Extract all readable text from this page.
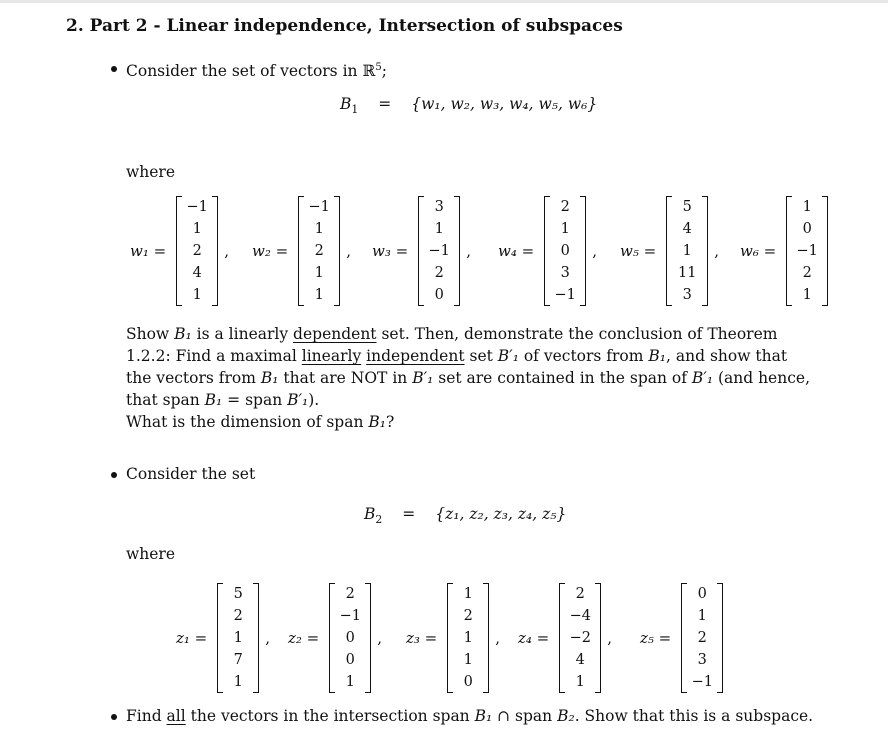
2. Part 2 - Linear independence, Intersection of subspaces
Consider the set of vectors in ℝ$^5$;
$B_1 = \{w_1$, w₂, w₃, w₄, w₅, w₆}
where
w₁ =
−1
1
2
4
1
, w₂ =
−1
1
2
1
1
, w₃ =
3
1
−1
2
0
, w₄ =
2
1
0
3
−1
, w₅ =
5
4
1
11
3
, w₆ =
1
0
−1
2
1
Show B₁ is a linearly dependent set. Then, demonstrate the conclusion of Theorem
1.2.2: Find a maximal linearly independent set B′₁ of vectors from B₁, and show that
the vectors from B₁ that are NOT in B′₁ set are contained in the span of B′₁ (and hence,
that span B₁ = span B′₁).
What is the dimension of span B₁?
Consider the set
$B_2 = \{z_1$, z₂, z₃, z₄, z₅}
where
z₁ =
5
2
1
7
1
, z₂ =
2
−1
0
0
1
, z₃ =
1
2
1
1
0
, z₄ =
2
−4
−2
4
1
, z₅ =
0
1
2
3
−1
Find all the vectors in the intersection span B₁ ∩ span B₂. Show that this is a subspace.
